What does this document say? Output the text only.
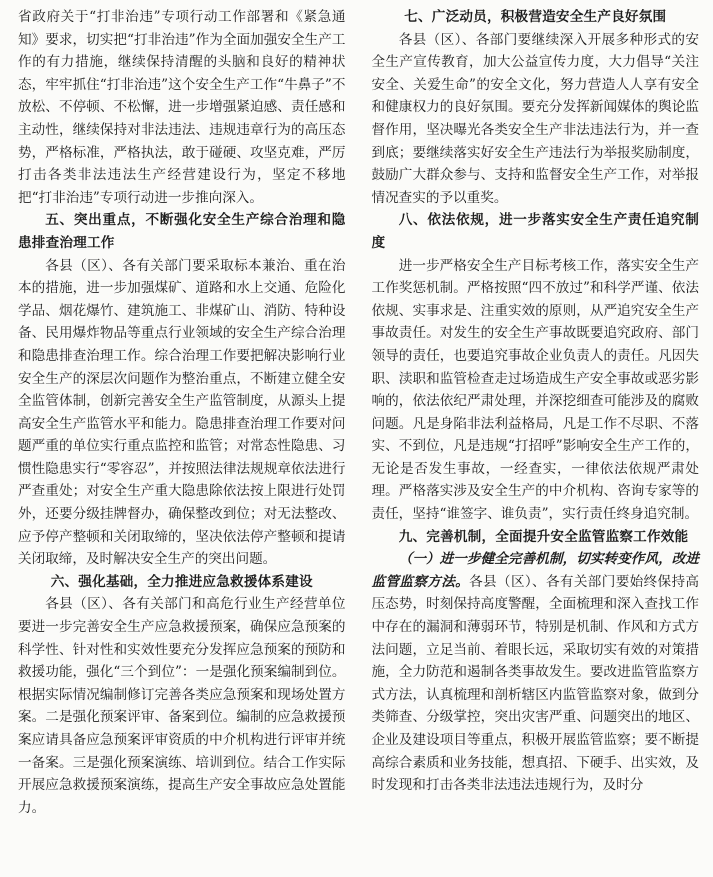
省政府关于“打非治违”专项行动工作部署和《紧急通知》要求，切实把“打非治违”作为全面加强安全生产工作的有力措施，继续保持清醒的头脑和良好的精神状态，牢牢抓住“打非治违”这个安全生产工作“牛鼻子”不放松、不停顿、不松懈，进一步增强紧迫感、责任感和主动性，继续保持对非法违法、违规违章行为的高压态势，严格标准，严格执法，敢于碰硬、攻坚克难，严厉打击各类非法违法生产经营建设行为，坚定不移地把“打非治违”专项行动进一步推向深入。

五、突出重点，不断强化安全生产综合治理和隐患排查治理工作

各县（区）、各有关部门要采取标本兼治、重在治本的措施，进一步加强煤矿、道路和水上交通、危险化学品、烟花爆竹、建筑施工、非煤矿山、消防、特种设备、民用爆炸物品等重点行业领域的安全生产综合治理和隐患排查治理工作。综合治理工作要把解决影响行业安全生产的深层次问题作为整治重点，不断建立健全安全监管体制，创新完善安全生产监管制度，从源头上提高安全生产监管水平和能力。隐患排查治理工作要对问题严重的单位实行重点监控和监管；对常态性隐患、习惯性隐患实行“零容忍”，并按照法律法规规章依法进行严查重处；对安全生产重大隐患除依法按上限进行处罚外，还要分级挂牌督办，确保整改到位；对无法整改、应予停产整顿和关闭取缔的，坚决依法停产整顿和提请关闭取缔，及时解决安全生产的突出问题。

六、强化基础，全力推进应急救援体系建设

各县（区）、各有关部门和高危行业生产经营单位要进一步完善安全生产应急救援预案，确保应急预案的科学性、针对性和实效性要充分发挥应急预案的预防和救援功能，强化“三个到位”：一是强化预案编制到位。根据实际情况编制修订完善各类应急预案和现场处置方案。二是强化预案评审、备案到位。编制的应急救援预案应请具备应急预案评审资质的中介机构进行评审并统一备案。三是强化预案演练、培训到位。结合工作实际开展应急救援预案演练，提高生产安全事故应急处置能力。

七、广泛动员，积极营造安全生产良好氛围

各县（区）、各部门要继续深入开展多种形式的安全生产宣传教育，加大公益宣传力度，大力倡导“关注安全、关爱生命”的安全文化，努力营造人人享有安全和健康权力的良好氛围。要充分发挥新闻媒体的舆论监督作用，坚决曝光各类安全生产非法违法行为，并一查到底；要继续落实好安全生产违法行为举报奖励制度，鼓励广大群众参与、支持和监督安全生产工作，对举报情况查实的予以重奖。

八、依法依规，进一步落实安全生产责任追究制度

进一步严格安全生产目标考核工作，落实安全生产工作奖惩机制。严格按照“四不放过”和科学严谨、依法依规、实事求是、注重实效的原则，从严追究安全生产事故责任。对发生的安全生产事故既要追究政府、部门领导的责任，也要追究事故企业负责人的责任。凡因失职、渎职和监管检查走过场造成生产安全事故或恶劣影响的，依法依纪严肃处理，并深挖细查可能涉及的腐败问题。凡是身陷非法利益格局，凡是工作不尽职、不落实、不到位，凡是违规“打招呼”影响安全生产工作的，无论是否发生事故，一经查实，一律依法依规严肃处理。严格落实涉及安全生产的中介机构、咨询专家等的责任，坚持“谁签字、谁负责”，实行责任终身追究制。

九、完善机制，全面提升安全监管监察工作效能

（一）进一步健全完善机制，切实转变作风，改进监管监察方法。各县（区）、各有关部门要始终保持高压态势，时刻保持高度警醒，全面梳理和深入查找工作中存在的漏洞和薄弱环节，特别是机制、作风和方式方法问题，立足当前、着眼长远，采取切实有效的对策措施，全力防范和遏制各类事故发生。要改进监管监察方式方法，认真梳理和剖析辖区内监管监察对象，做到分类筛查、分级掌控，突出灾害严重、问题突出的地区、企业及建设项目等重点，积极开展监管监察；要不断提高综合素质和业务技能，想真招、下硬手、出实效，及时发现和打击各类非法违法违规行为，及时分
